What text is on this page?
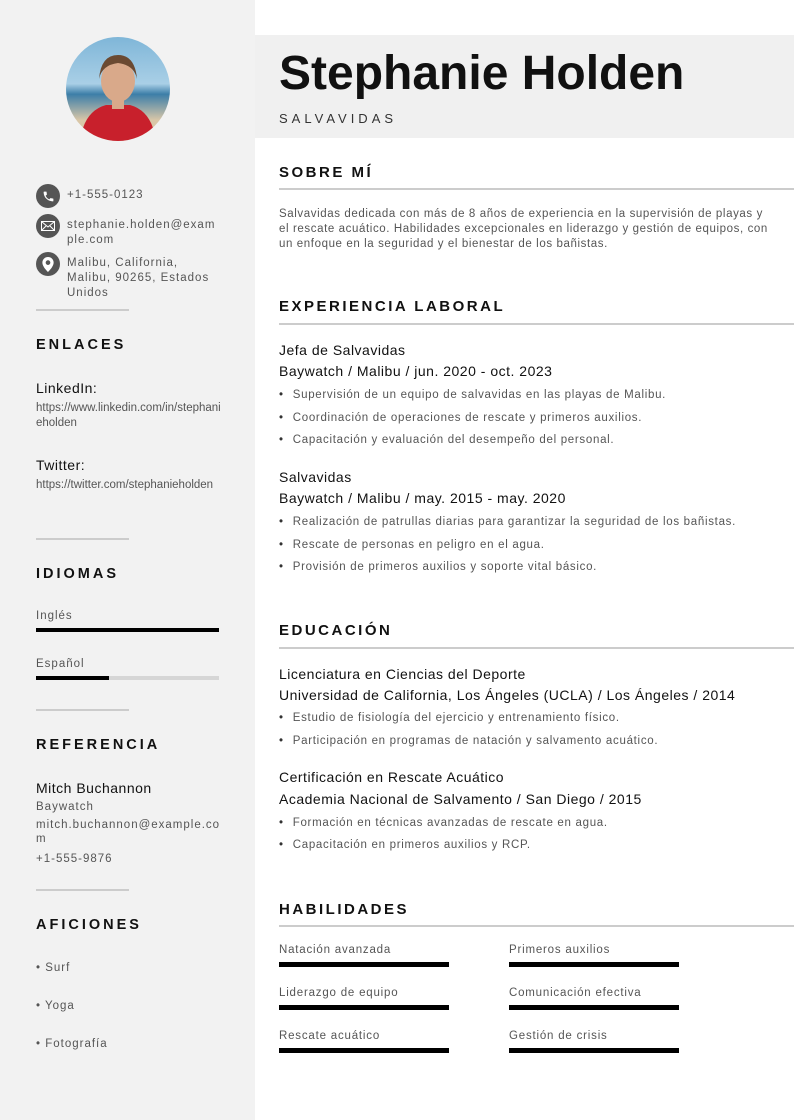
+1-555-0123
stephanie.holden@example.com
Malibu, California, Malibu, 90265, Estados Unidos
ENLACES
LinkedIn:
https://www.linkedin.com/in/stephanieholden
Twitter:
https://twitter.com/stephanieholden
IDIOMAS
Inglés
Español
REFERENCIA
Mitch Buchannon
Baywatch
mitch.buchannon@example.com
+1-555-9876
AFICIONES
• Surf
• Yoga
• Fotografía
Stephanie Holden
SALVAVIDAS
SOBRE MÍ
Salvavidas dedicada con más de 8 años de experiencia en la supervisión de playas y el rescate acuático. Habilidades excepcionales en liderazgo y gestión de equipos, con un enfoque en la seguridad y el bienestar de los bañistas.
EXPERIENCIA LABORAL
Jefa de Salvavidas
Baywatch / Malibu / jun. 2020 - oct. 2023
• Supervisión de un equipo de salvavidas en las playas de Malibu.
• Coordinación de operaciones de rescate y primeros auxilios.
• Capacitación y evaluación del desempeño del personal.
Salvavidas
Baywatch / Malibu / may. 2015 - may. 2020
• Realización de patrullas diarias para garantizar la seguridad de los bañistas.
• Rescate de personas en peligro en el agua.
• Provisión de primeros auxilios y soporte vital básico.
EDUCACIÓN
Licenciatura en Ciencias del Deporte
Universidad de California, Los Ángeles (UCLA) / Los Ángeles / 2014
• Estudio de fisiología del ejercicio y entrenamiento físico.
• Participación en programas de natación y salvamento acuático.
Certificación en Rescate Acuático
Academia Nacional de Salvamento / San Diego / 2015
• Formación en técnicas avanzadas de rescate en agua.
• Capacitación en primeros auxilios y RCP.
HABILIDADES
Natación avanzada	Primeros auxilios
Liderazgo de equipo	Comunicación efectiva
Rescate acuático	Gestión de crisis
